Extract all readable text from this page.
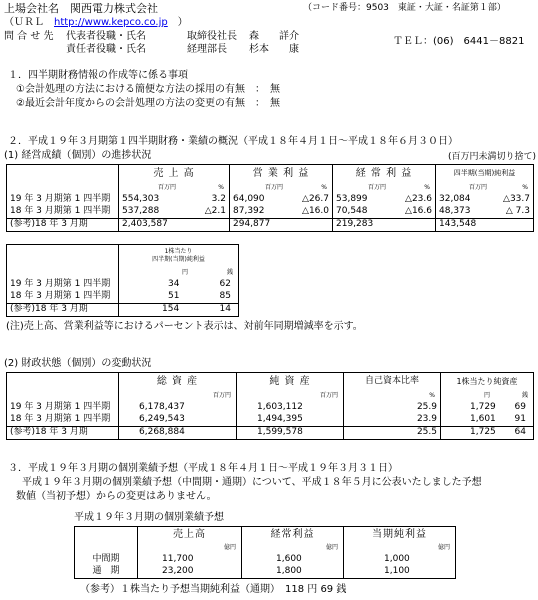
上場会社名　 関西電力株式会社	（コード番号：9503　東証・大証・名証第１部）
（ＵＲＬ　 http://www.kepco.co.jp　 ）
問 合 せ 先 代表者役職・氏名	取締役社長 森　　詳介
責任者役職・氏名	経理部長 杉本　　康
ＴＥＬ：(06)　6441－8821
１．四半期財務情報の作成等に係る事項
①会計処理の方法における簡便な方法の採用の有無　：　無
②最近会計年度からの会計処理の方法の変更の有無　：　無
２．平成１９年３月期第１四半期財務・業績の概況（平成１８年４月１日～平成１８年６月３０日）
(1) 経営成績（個別）の進捗状況	(百万円未満切り捨て)
	売 上 高	営 業 利 益	経 常 利 益	四半期(当期)純利益

	百万円 %	百万円 %	百万円 %	百万円 %

19 年 3 月期第 1 四半期	554,303 3.2	64,090 △26.7	53,899 △23.6	32,084 △33.7

18 年 3 月期第 1 四半期	537,288 △2.1	87,392 △16.0	70,548 △16.6	48,373 △ 7.3

(参考)18 年 3 月期	2,403,587	294,877	219,283	143,548
	1株当たり
四半期(当期)純利益

	円 銭

19 年 3 月期第 1 四半期	34 62

18 年 3 月期第 1 四半期	51 85

(参考)18 年 3 月期	154 14
(注)売上高、営業利益等におけるパーセント表示は、対前年同期増減率を示す。
(2) 財政状態（個別）の変動状況
	総 資 産	純 資 産	自己資本比率	1株当たり純資産

	百万円	百万円	%	円 銭

19 年 3 月期第 1 四半期	6,178,437	1,603,112	25.9	1,729 69

18 年 3 月期第 1 四半期	6,249,543	1,494,395	23.9	1,601 91

(参考)18 年 3 月期	6,268,884	1,599,578	25.5	1,725 64
３．平成１９年３月期の個別業績予想（平成１８年４月１日～平成１９年３月３１日）
平成１９年３月期の個別業績予想（中間期・通期）について、平成１８年５月に公表いたしました予想
数値（当初予想）からの変更はありません。
平成１９年３月期の個別業績予想
	売上高	経常利益	当期純利益

	億円	億円	億円

中間期	11,700	1,600	1,000
通　期	23,200	1,800	1,100
（参考）１株当たり予想当期純利益（通期）　118 円 69 銭
